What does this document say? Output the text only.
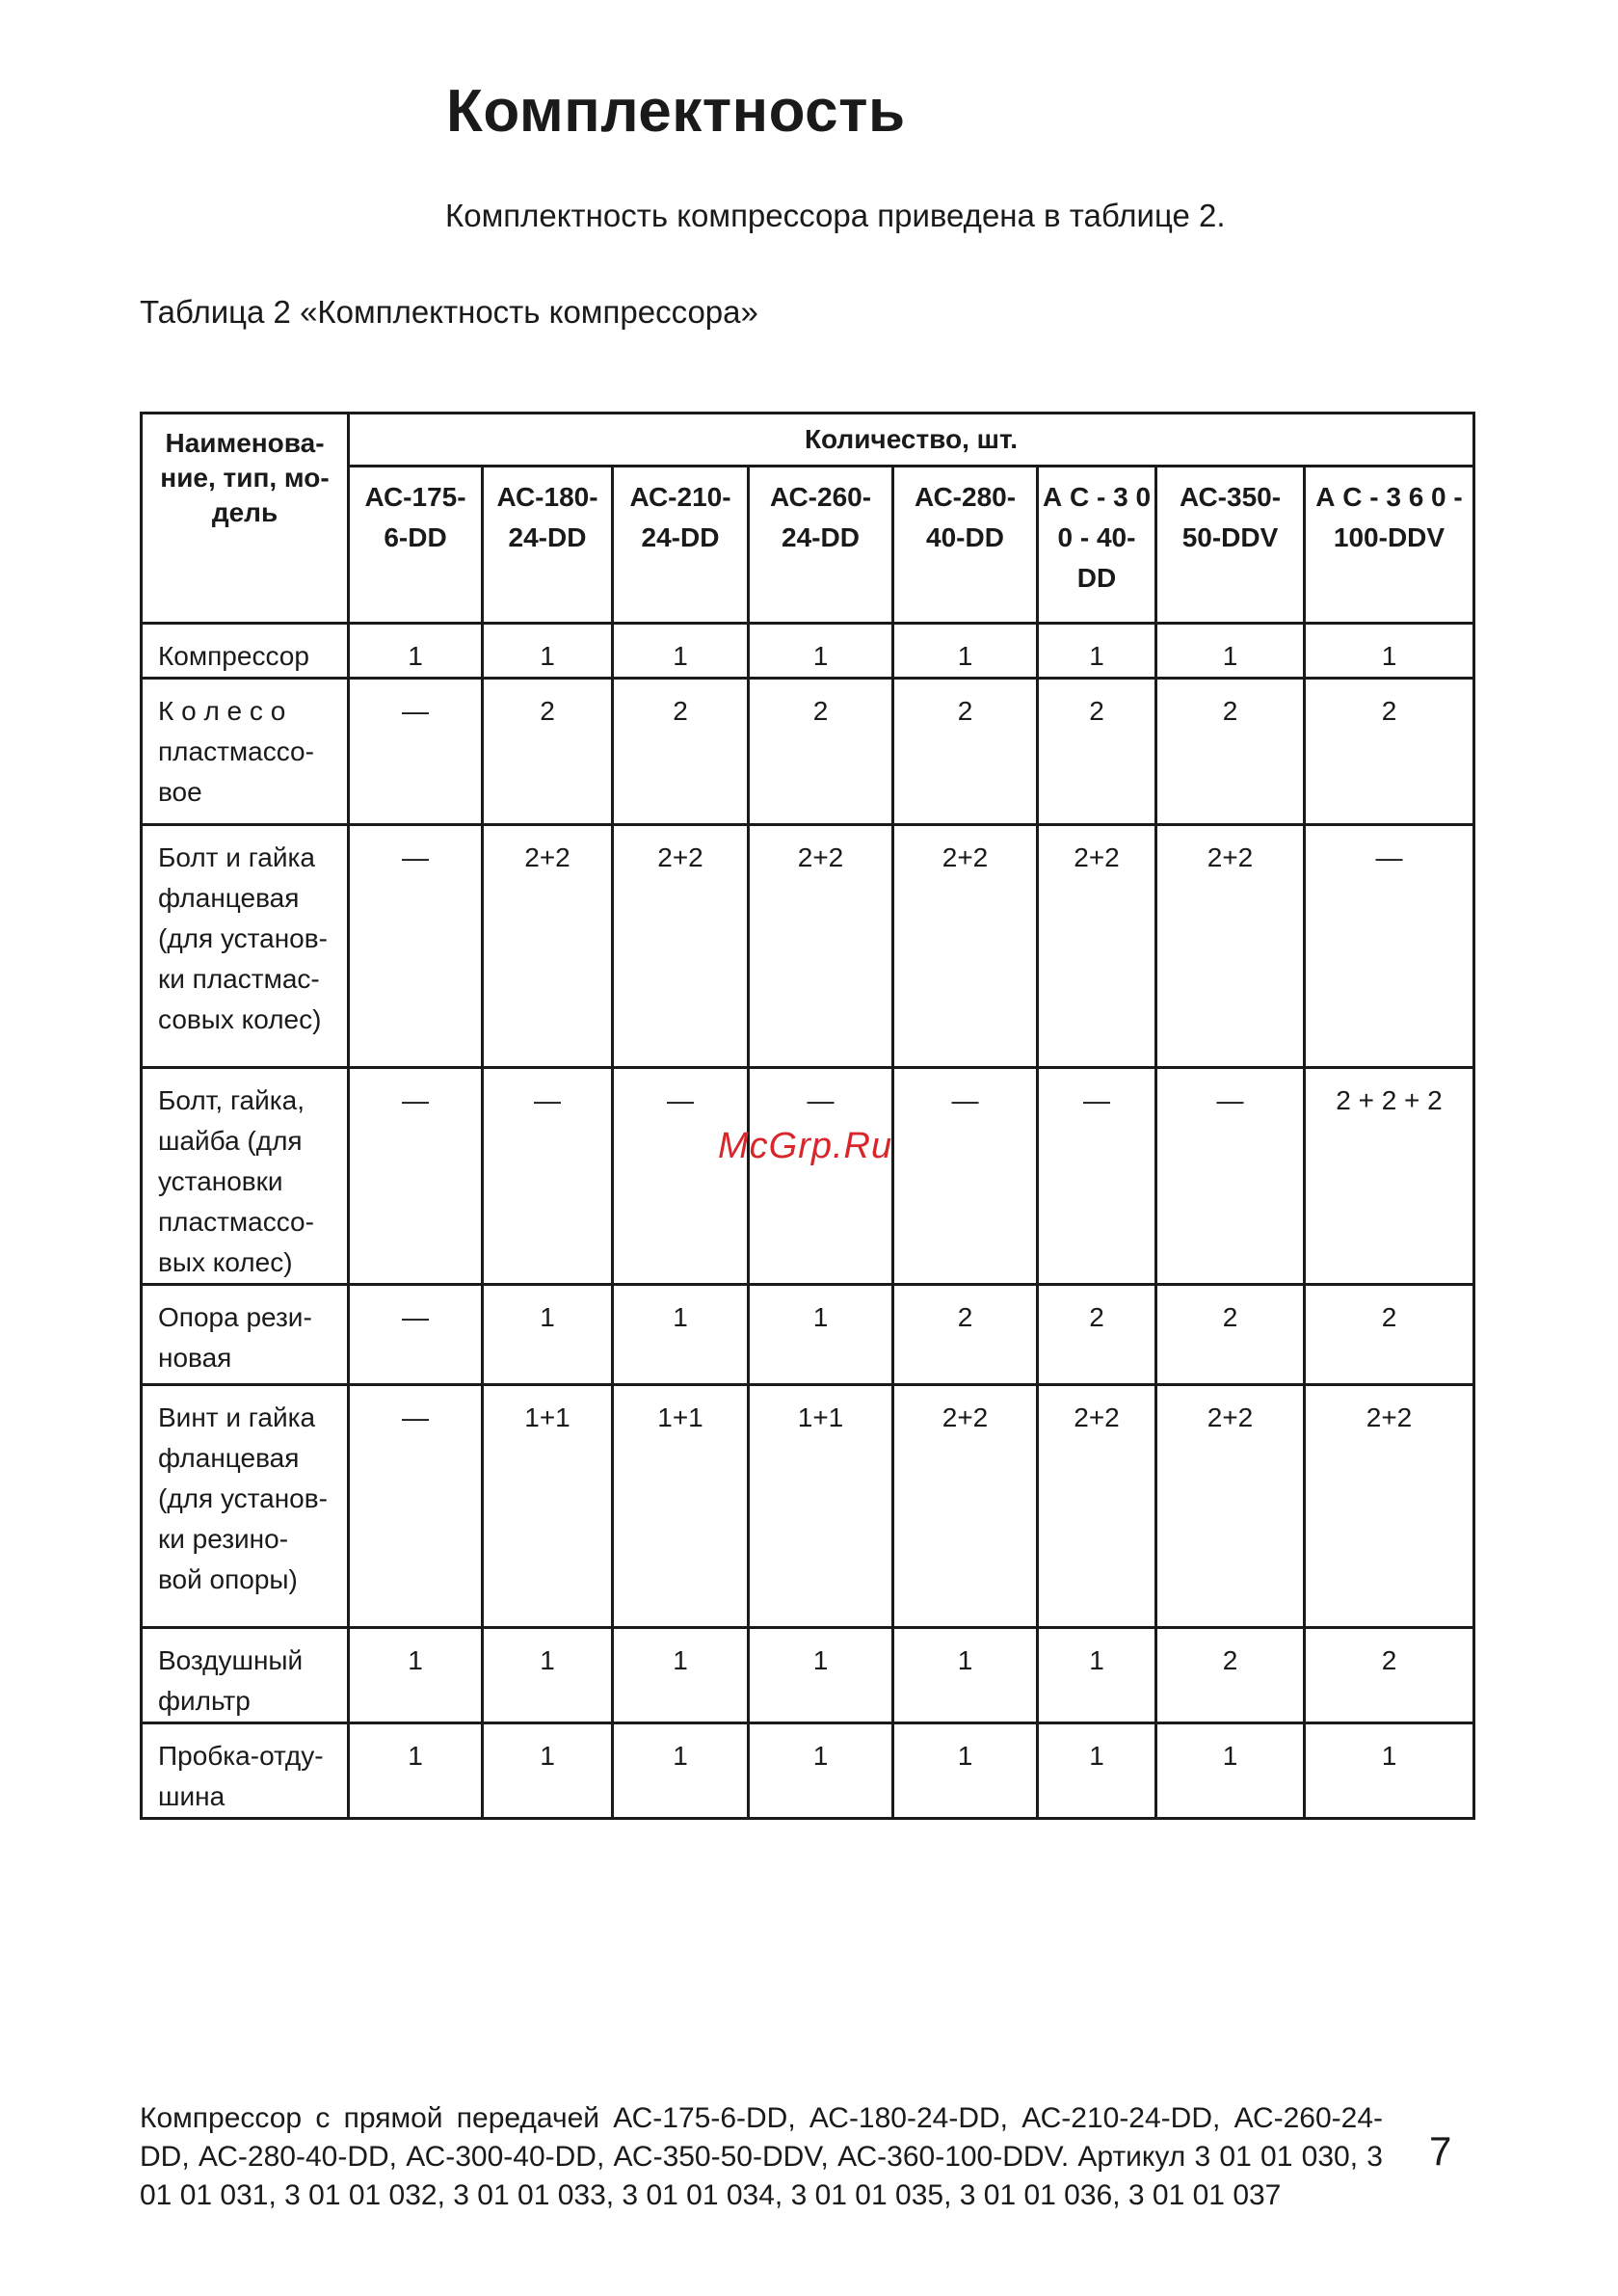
Комплектность

Комплектность компрессора приведена в таблице 2.

Таблица 2 «Комплектность компрессора»

Наименова- ние, тип, мо- дель	Количество, шт.							
	АС-175- 6-DD	АС-180- 24-DD	АС-210- 24-DD	АС-260- 24-DD	АС-280- 40-DD	А С - 3 0 0 - 40-DD	АС-350- 50-DDV	А С - 3 6 0 - 100-DDV
Компрессор	1	1	1	1	1	1	1	1
К о л е с о пластмассо- вое	—	2	2	2	2	2	2	2
Болт и гайка фланцевая (для установ- ки пластмас- совых колес)	—	2+2	2+2	2+2	2+2	2+2	2+2	—
Болт, гайка, шайба (для установки пластмассо- вых колес)	—	—	—	—	—	—	—	2 + 2 + 2
Опора рези- новая	—	1	1	1	2	2	2	2
Винт и гайка фланцевая (для установ- ки резино- вой опоры)	—	1+1	1+1	1+1	2+2	2+2	2+2	2+2
Воздушный фильтр	1	1	1	1	1	1	2	2
Пробка-отду- шина	1	1	1	1	1	1	1	1
McGrp.Ru

Компрессор с прямой передачей АС-175-6-DD, АС-180-24-DD, АС-210-24-DD, АС-260-24-DD, АС-280-40-DD, АС-300-40-DD, АС-350-50-DDV, АС-360-100-DDV. Артикул 3 01 01 030, 3 01 01 031, 3 01 01 032, 3 01 01 033, 3 01 01 034, 3 01 01 035, 3 01 01 036, 3 01 01 037

7
